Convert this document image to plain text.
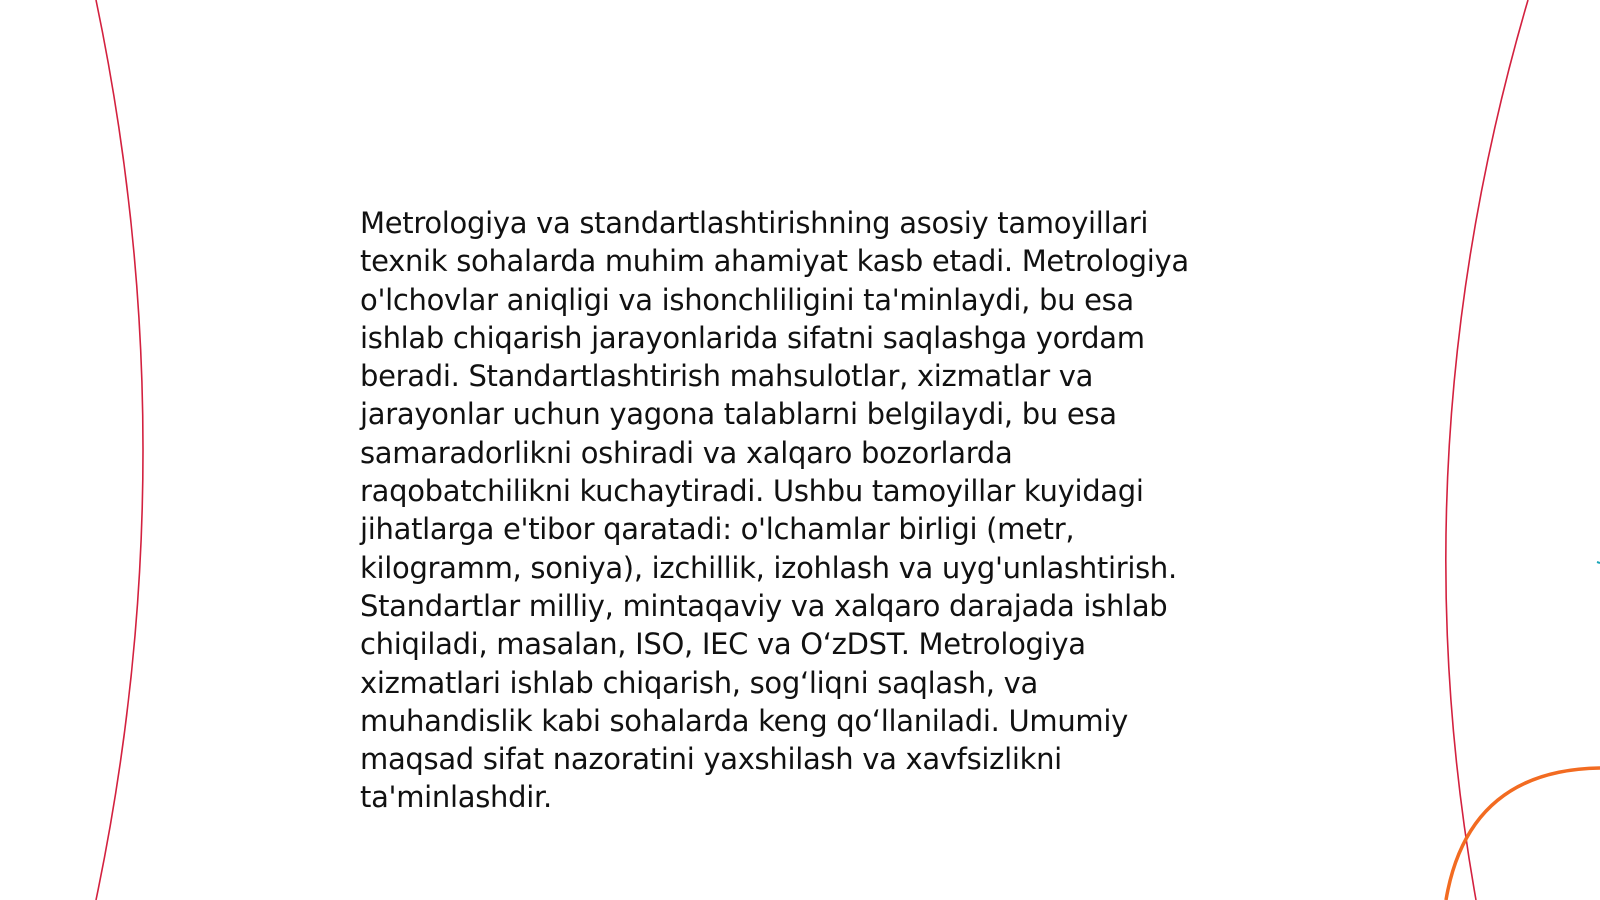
Metrologiya va standartlashtirishning asosiy tamoyillari
texnik sohalarda muhim ahamiyat kasb etadi. Metrologiya
o'lchovlar aniqligi va ishonchliligini ta'minlaydi, bu esa
ishlab chiqarish jarayonlarida sifatni saqlashga yordam
beradi. Standartlashtirish mahsulotlar, xizmatlar va
jarayonlar uchun yagona talablarni belgilaydi, bu esa
samaradorlikni oshiradi va xalqaro bozorlarda
raqobatchilikni kuchaytiradi. Ushbu tamoyillar kuyidagi
jihatlarga e'tibor qaratadi: o'lchamlar birligi (metr,
kilogramm, soniya), izchillik, izohlash va uyg'unlashtirish.
Standartlar milliy, mintaqaviy va xalqaro darajada ishlab
chiqiladi, masalan, ISO, IEC va O‘zDST. Metrologiya
xizmatlari ishlab chiqarish, sog‘liqni saqlash, va
muhandislik kabi sohalarda keng qo‘llaniladi. Umumiy
maqsad sifat nazoratini yaxshilash va xavfsizlikni
ta'minlashdir.
